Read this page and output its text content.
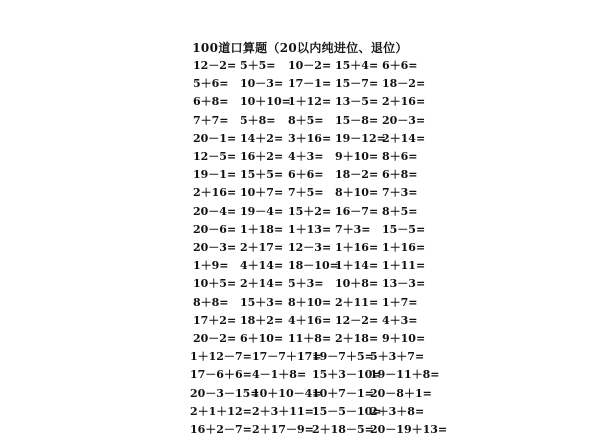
100道口算题（20以内纯进位、退位）
12－2= 5＋5= 10－2= 15＋4= 6＋6=
5＋6= 10－3= 17－1= 15－7= 18－2=
6＋8= 10＋10=
1＋12= 13－5= 2＋16=
7＋7= 5＋8= 8＋5= 15－8= 20－3=
20－1= 14＋2= 3＋16= 19－12=
2＋14=
12－5= 16＋2= 4＋3= 9＋10= 8＋6=
19－1= 15＋5= 6＋6= 18－2= 6＋8=
2＋16= 10＋7= 7＋5= 8＋10= 7＋3=
20－4= 19－4= 15＋2= 16－7= 8＋5=
20－6= 1＋18= 1＋13= 7＋3= 15－5=
20－3= 2＋17= 12－3= 1＋16= 1＋16=
1＋9= 4＋14= 18－10=
1＋14= 1＋11=
10＋5= 2＋14= 5＋3= 10＋8= 13－3=
8＋8= 15＋3= 8＋10= 2＋11= 1＋7=
17＋2= 18＋2= 4＋16= 12－2= 4＋3=
20－2= 6＋10= 11＋8= 2＋18= 9＋10=
1＋12－7= 17－7＋17=
19－7＋5=
5＋3＋7=
17－6＋6= 4－1＋8= 15＋3－10=
19－11＋8=
20－3－15=
10＋10－4=
10＋7－1=
20－8＋1=
2＋1＋12= 2＋3＋11=
15－5－10=
2＋3＋8=
16＋2－7= 2＋17－9=
2＋18－5=
20－19＋13=
